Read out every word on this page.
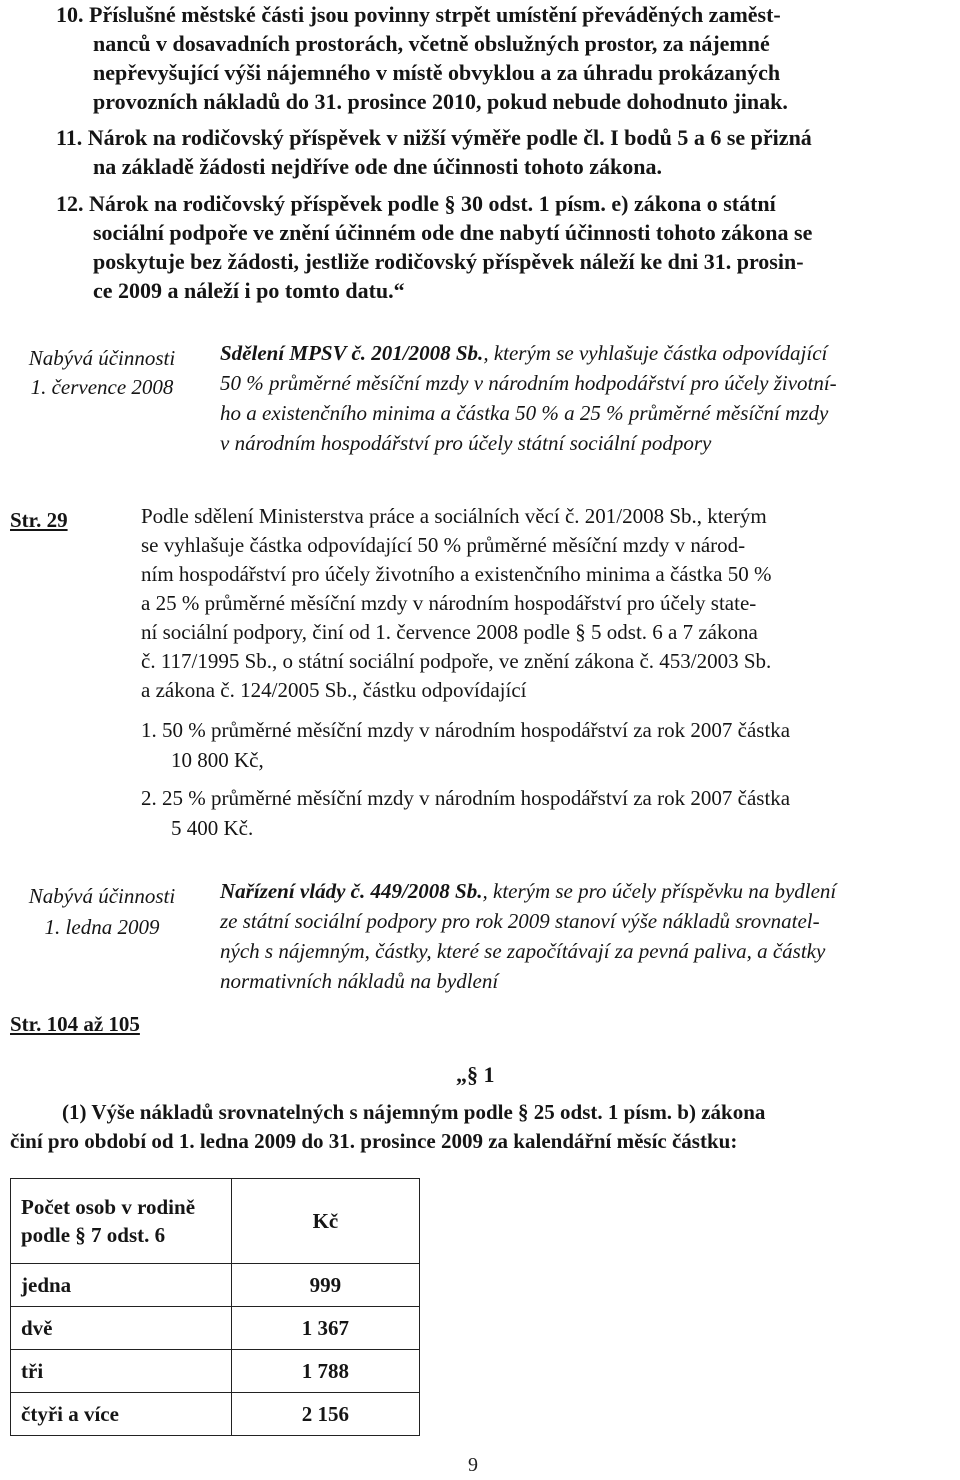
10. Příslušné městské části jsou povinny strpět umístění převáděných zaměst-
nanců v dosavadních prostorách, včetně obslužných prostor, za nájemné
nepřevyšující výši nájemného v místě obvyklou a za úhradu prokázaných
provozních nákladů do 31. prosince 2010, pokud nebude dohodnuto jinak.
11. Nárok na rodičovský příspěvek v nižší výměře podle čl. I bodů 5 a 6 se přizná
na základě žádosti nejdříve ode dne účinnosti tohoto zákona.
12. Nárok na rodičovský příspěvek podle § 30 odst. 1 písm. e) zákona o státní
sociální podpoře ve znění účinném ode dne nabytí účinnosti tohoto zákona se
poskytuje bez žádosti, jestliže rodičovský příspěvek náleží ke dni 31. prosin-
ce 2009 a náleží i po tomto datu.“
Nabývá účinnosti
1. července 2008
Sdělení MPSV č. 201/2008 Sb., kterým se vyhlašuje částka odpovídající
50 % průměrné měsíční mzdy v národním hodpodářství pro účely životní-
ho a existenčního minima a částka 50 % a 25 % průměrné měsíční mzdy
v národním hospodářství pro účely státní sociální podpory
Str. 29	Podle sdělení Ministerstva práce a sociálních věcí č. 201/2008 Sb., kterým
se vyhlašuje částka odpovídající 50 % průměrné měsíční mzdy v národ-
ním hospodářství pro účely životního a existenčního minima a částka 50 %
a 25 % průměrné měsíční mzdy v národním hospodářství pro účely state-
ní sociální podpory, činí od 1. července 2008 podle § 5 odst. 6 a 7 zákona
č. 117/1995 Sb., o státní sociální podpoře, ve znění zákona č. 453/2003 Sb.
a zákona č. 124/2005 Sb., částku odpovídající
1. 50 % průměrné měsíční mzdy v národním hospodářství za rok 2007 částka
10 800 Kč,
2. 25 % průměrné měsíční mzdy v národním hospodářství za rok 2007 částka
5 400 Kč.
Nabývá účinnosti
1. ledna 2009
Nařízení vlády č. 449/2008 Sb., kterým se pro účely příspěvku na bydlení
ze státní sociální podpory pro rok 2009 stanoví výše nákladů srovnatel-
ných s nájemným, částky, které se započítávají za pevná paliva, a částky
normativních nákladů na bydlení
Str. 104 až 105
„§ 1
(1) Výše nákladů srovnatelných s nájemným podle § 25 odst. 1 písm. b) zákona
činí pro období od 1. ledna 2009 do 31. prosince 2009 za kalendářní měsíc částku:
Počet osob v rodině
podle § 7 odst. 6	Kč
jedna	999
dvě	1 367
tři	1 788
čtyři a více	2 156
9
